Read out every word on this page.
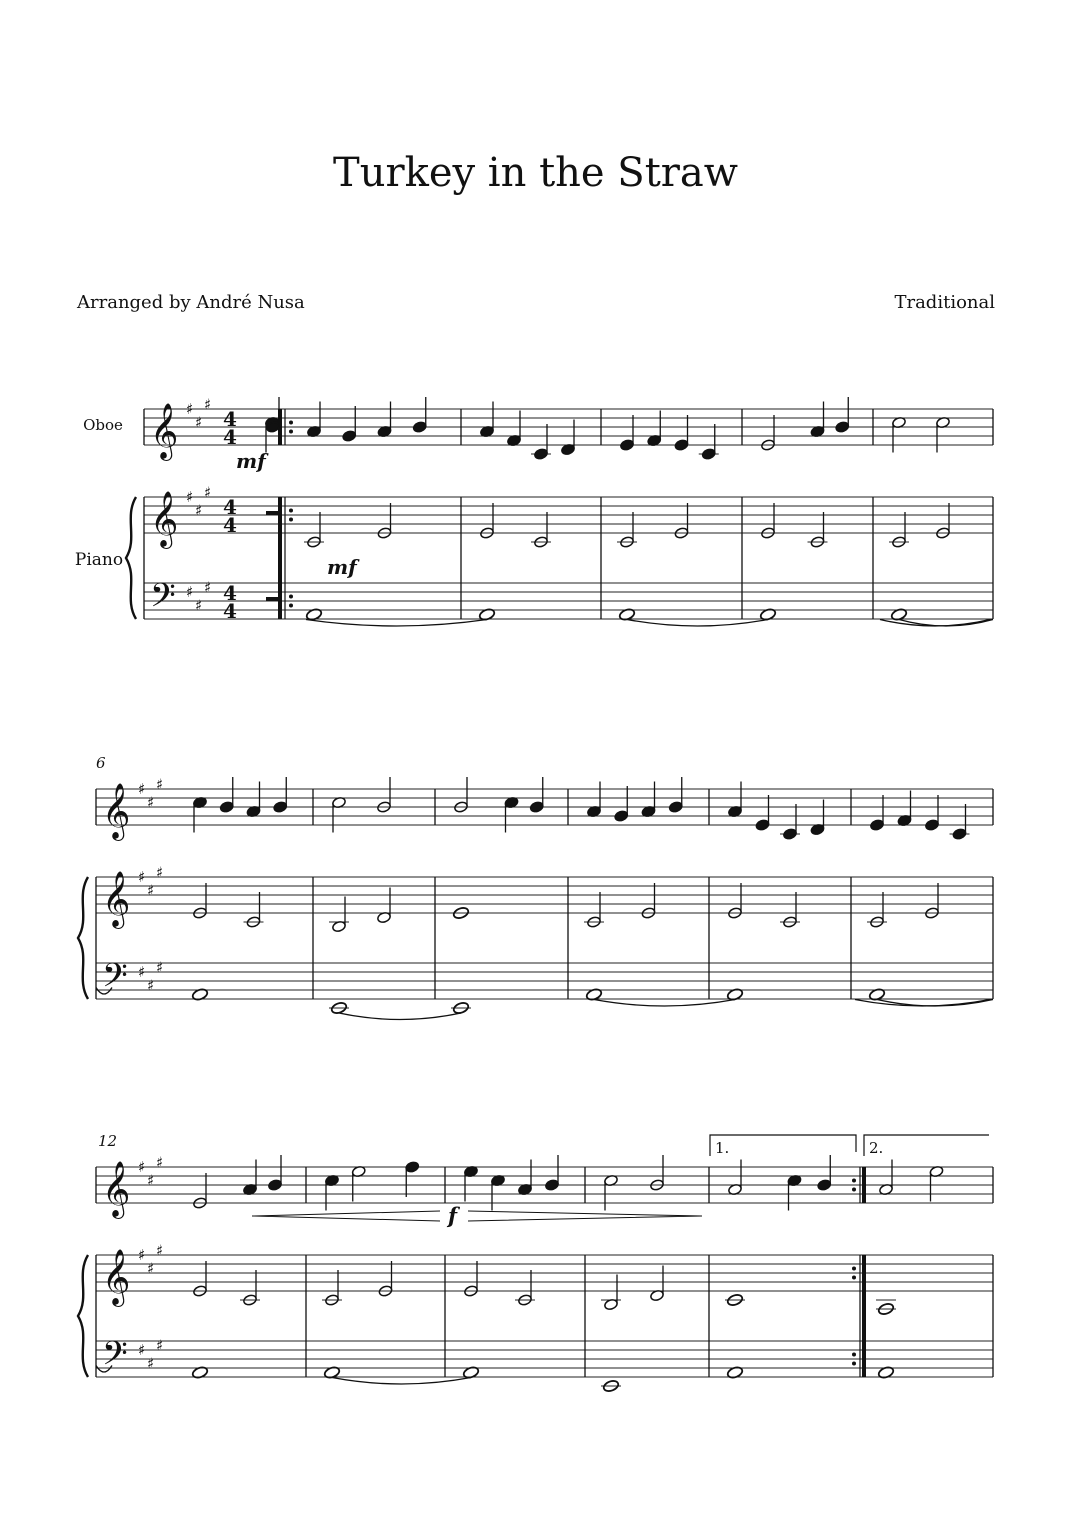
Turkey in the Straw
Arranged by André Nusa	Traditional
Oboe
Piano
6
12
mf
mf
f
1.	2.
𝄞
𝄞
𝄢
♯
♯
♯
♯
♯
♯
♯
♯
♯
4
4
4
4
4
4
𝄞
𝄞
𝄢
♯
♯
♯
♯
♯
♯
♯
♯
♯
𝄞
𝄞
𝄢
♯
♯
♯
♯
♯
♯
♯
♯
♯
